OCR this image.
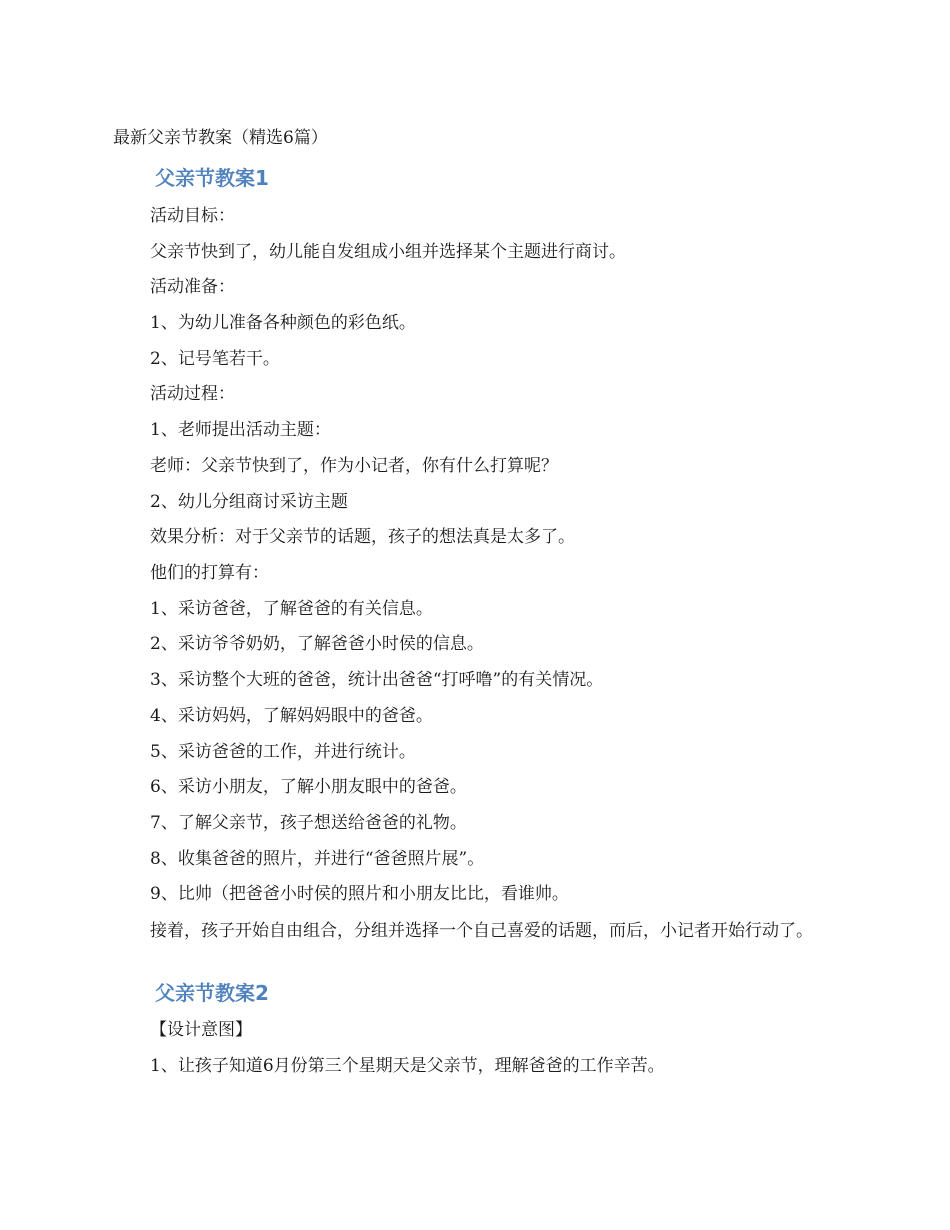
最新父亲节教案（精选6篇）

父亲节教案1

活动目标：

父亲节快到了，幼儿能自发组成小组并选择某个主题进行商讨。

活动准备：

1、为幼儿准备各种颜色的彩色纸。

2、记号笔若干。

活动过程：

1、老师提出活动主题：

老师：父亲节快到了，作为小记者，你有什么打算呢？

2、幼儿分组商讨采访主题

效果分析：对于父亲节的话题，孩子的想法真是太多了。

他们的打算有：

1、采访爸爸，了解爸爸的有关信息。

2、采访爷爷奶奶，了解爸爸小时侯的信息。

3、采访整个大班的爸爸，统计出爸爸“打呼噜”的有关情况。

4、采访妈妈，了解妈妈眼中的爸爸。

5、采访爸爸的工作，并进行统计。

6、采访小朋友，了解小朋友眼中的爸爸。

7、了解父亲节，孩子想送给爸爸的礼物。

8、收集爸爸的照片，并进行“爸爸照片展”。

9、比帅（把爸爸小时侯的照片和小朋友比比，看谁帅。

接着，孩子开始自由组合，分组并选择一个自己喜爱的话题，而后，小记者开始行动了。

父亲节教案2

【设计意图】

1、让孩子知道6月份第三个星期天是父亲节，理解爸爸的工作辛苦。
